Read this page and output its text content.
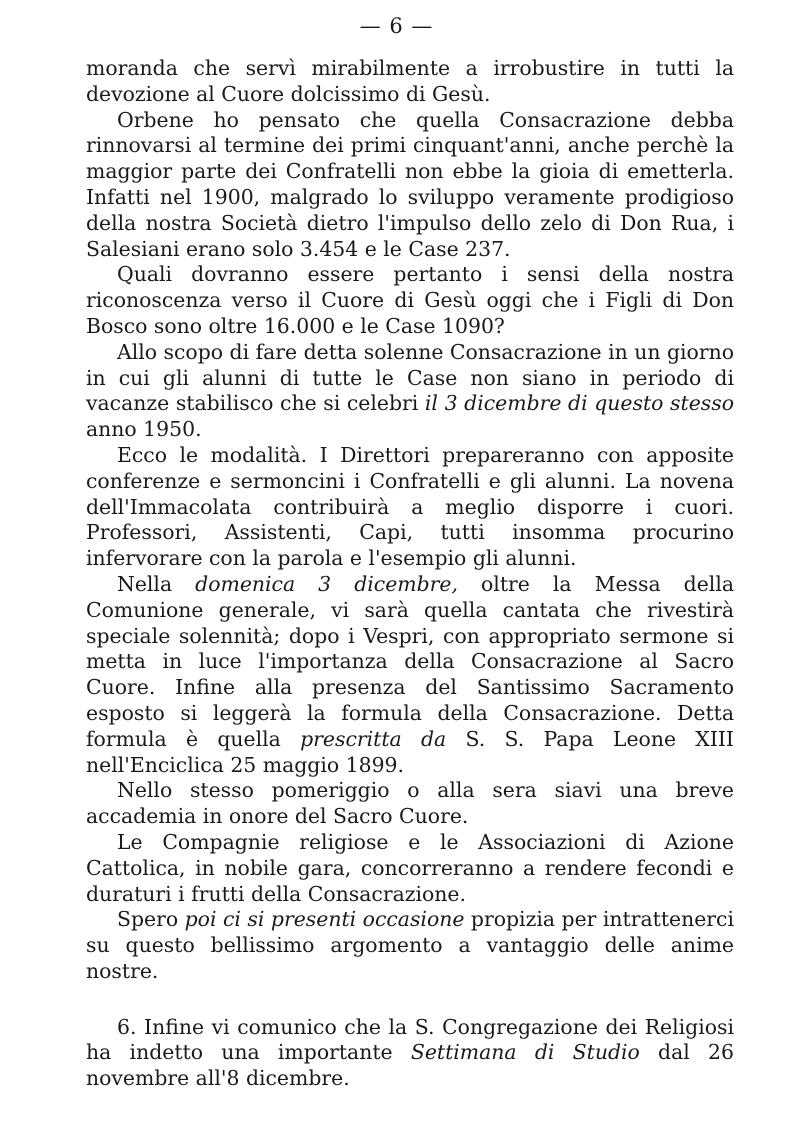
— 6 —

moranda che servì mirabilmente a irrobustire in tutti la devozione al Cuore dolcissimo di Gesù.

Orbene ho pensato che quella Consacrazione debba rinnovarsi al termine dei primi cinquant'anni, anche perchè la maggior parte dei Confratelli non ebbe la gioia di emetterla. Infatti nel 1900, malgrado lo sviluppo veramente prodigioso della nostra Società dietro l'impulso dello zelo di Don Rua, i Salesiani erano solo 3.454 e le Case 237.

Quali dovranno essere pertanto i sensi della nostra riconoscenza verso il Cuore di Gesù oggi che i Figli di Don Bosco sono oltre 16.000 e le Case 1090?

Allo scopo di fare detta solenne Consacrazione in un giorno in cui gli alunni di tutte le Case non siano in periodo di vacanze stabilisco che si celebri il 3 dicembre di questo stesso anno 1950.

Ecco le modalità. I Direttori prepareranno con apposite conferenze e sermoncini i Confratelli e gli alunni. La novena dell'Immacolata contribuirà a meglio disporre i cuori. Professori, Assistenti, Capi, tutti insomma procurino infervorare con la parola e l'esempio gli alunni.

Nella domenica 3 dicembre, oltre la Messa della Comunione generale, vi sarà quella cantata che rivestirà speciale solennità; dopo i Vespri, con appropriato sermone si metta in luce l'importanza della Consacrazione al Sacro Cuore. Infine alla presenza del Santissimo Sacramento esposto si leggerà la formula della Consacrazione. Detta formula è quella prescritta da S. S. Papa Leone XIII nell'Enciclica 25 maggio 1899.

Nello stesso pomeriggio o alla sera siavi una breve accademia in onore del Sacro Cuore.

Le Compagnie religiose e le Associazioni di Azione Cattolica, in nobile gara, concorreranno a rendere fecondi e duraturi i frutti della Consacrazione.

Spero poi ci si presenti occasione propizia per intrattenerci su questo bellissimo argomento a vantaggio delle anime nostre.

6. Infine vi comunico che la S. Congregazione dei Religiosi ha indetto una importante Settimana di Studio dal 26 novembre all'8 dicembre.
